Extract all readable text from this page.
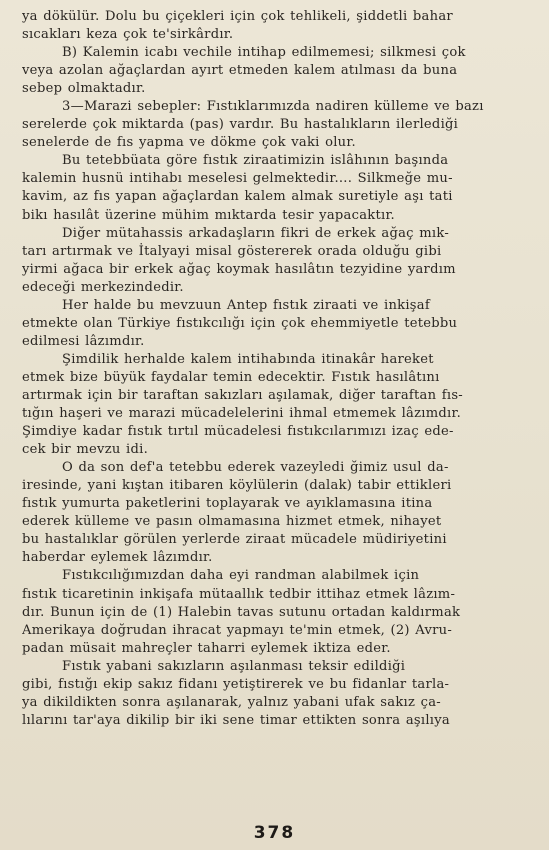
ya dökülür. Dolu bu çiçekleri için çok tehlikeli, şiddetli bahar
sıcakları keza çok te'sirkârdır.

B) Kalemin icabı vechile intihap edilmemesi; silkmesi çok
veya azolan ağaçlardan ayırt etmeden kalem atılması da buna
sebep olmaktadır.

3—Marazi sebepler: Fıstıklarımızda nadiren külleme ve bazı
serelerde çok miktarda (pas) vardır. Bu hastalıkların ilerlediği
senelerde de fıs yapma ve dökme çok vaki olur.

Bu tetebbüata göre fıstık ziraatimizin islâhının başında
kalemin husnü intihabı meselesi gelmektedir.... Silkmeğe mu-
kavim, az fıs yapan ağaçlardan kalem almak suretiyle aşı tati
bikı hasılât üzerine mühim mıktarda tesir yapacaktır.

Diğer mütahassis arkadaşların fikri de erkek ağaç mık-
tarı artırmak ve İtalyayi misal göstererek orada olduğu gibi
yirmi ağaca bir erkek ağaç koymak hasılâtın tezyidine yardım
edeceği merkezindedir.

Her halde bu mevzuun Antep fıstık ziraati ve inkişaf
etmekte olan Türkiye fıstıkcılığı için çok ehemmiyetle tetebbu
edilmesi lâzımdır.

Şimdilik herhalde kalem intihabında itinakâr hareket
etmek bize büyük faydalar temin edecektir. Fıstık hasılâtını
artırmak için bir taraftan sakızları aşılamak, diğer taraftan fıs-
tığın haşeri ve marazi mücadelelerini ihmal etmemek lâzımdır.
Şimdiye kadar fıstık tırtıl mücadelesi fıstıkcılarımızı izaç ede-
cek bir mevzu idi.

O da son def'a tetebbu ederek vazeyledi ğimiz usul da-
iresinde, yani kıştan itibaren köylülerin (dalak) tabir ettikleri
fıstık yumurta paketlerini toplayarak ve ayıklamasına itina
ederek külleme ve pasın olmamasına hizmet etmek, nihayet
bu hastalıklar görülen yerlerde ziraat mücadele müdiriyetini
haberdar eylemek lâzımdır.

Fıstıkcılığımızdan daha eyi randman alabilmek için
fıstık ticaretinin inkişafa mütaallık tedbir ittihaz etmek lâzım-
dır. Bunun için de (1) Halebin tavas sutunu ortadan kaldırmak
Amerikaya doğrudan ihracat yapmayı te'min etmek, (2) Avru-
padan müsait mahreçler taharri eylemek iktiza eder.

Fıstık yabani sakızların aşılanması teksir edildiği
gibi, fıstığı ekip sakız fidanı yetiştirerek ve bu fidanlar tarla-
ya dikildikten sonra aşılanarak, yalnız yabani ufak sakız ça-
lılarını tar'aya dikilip bir iki sene timar ettikten sonra aşılıya

378
